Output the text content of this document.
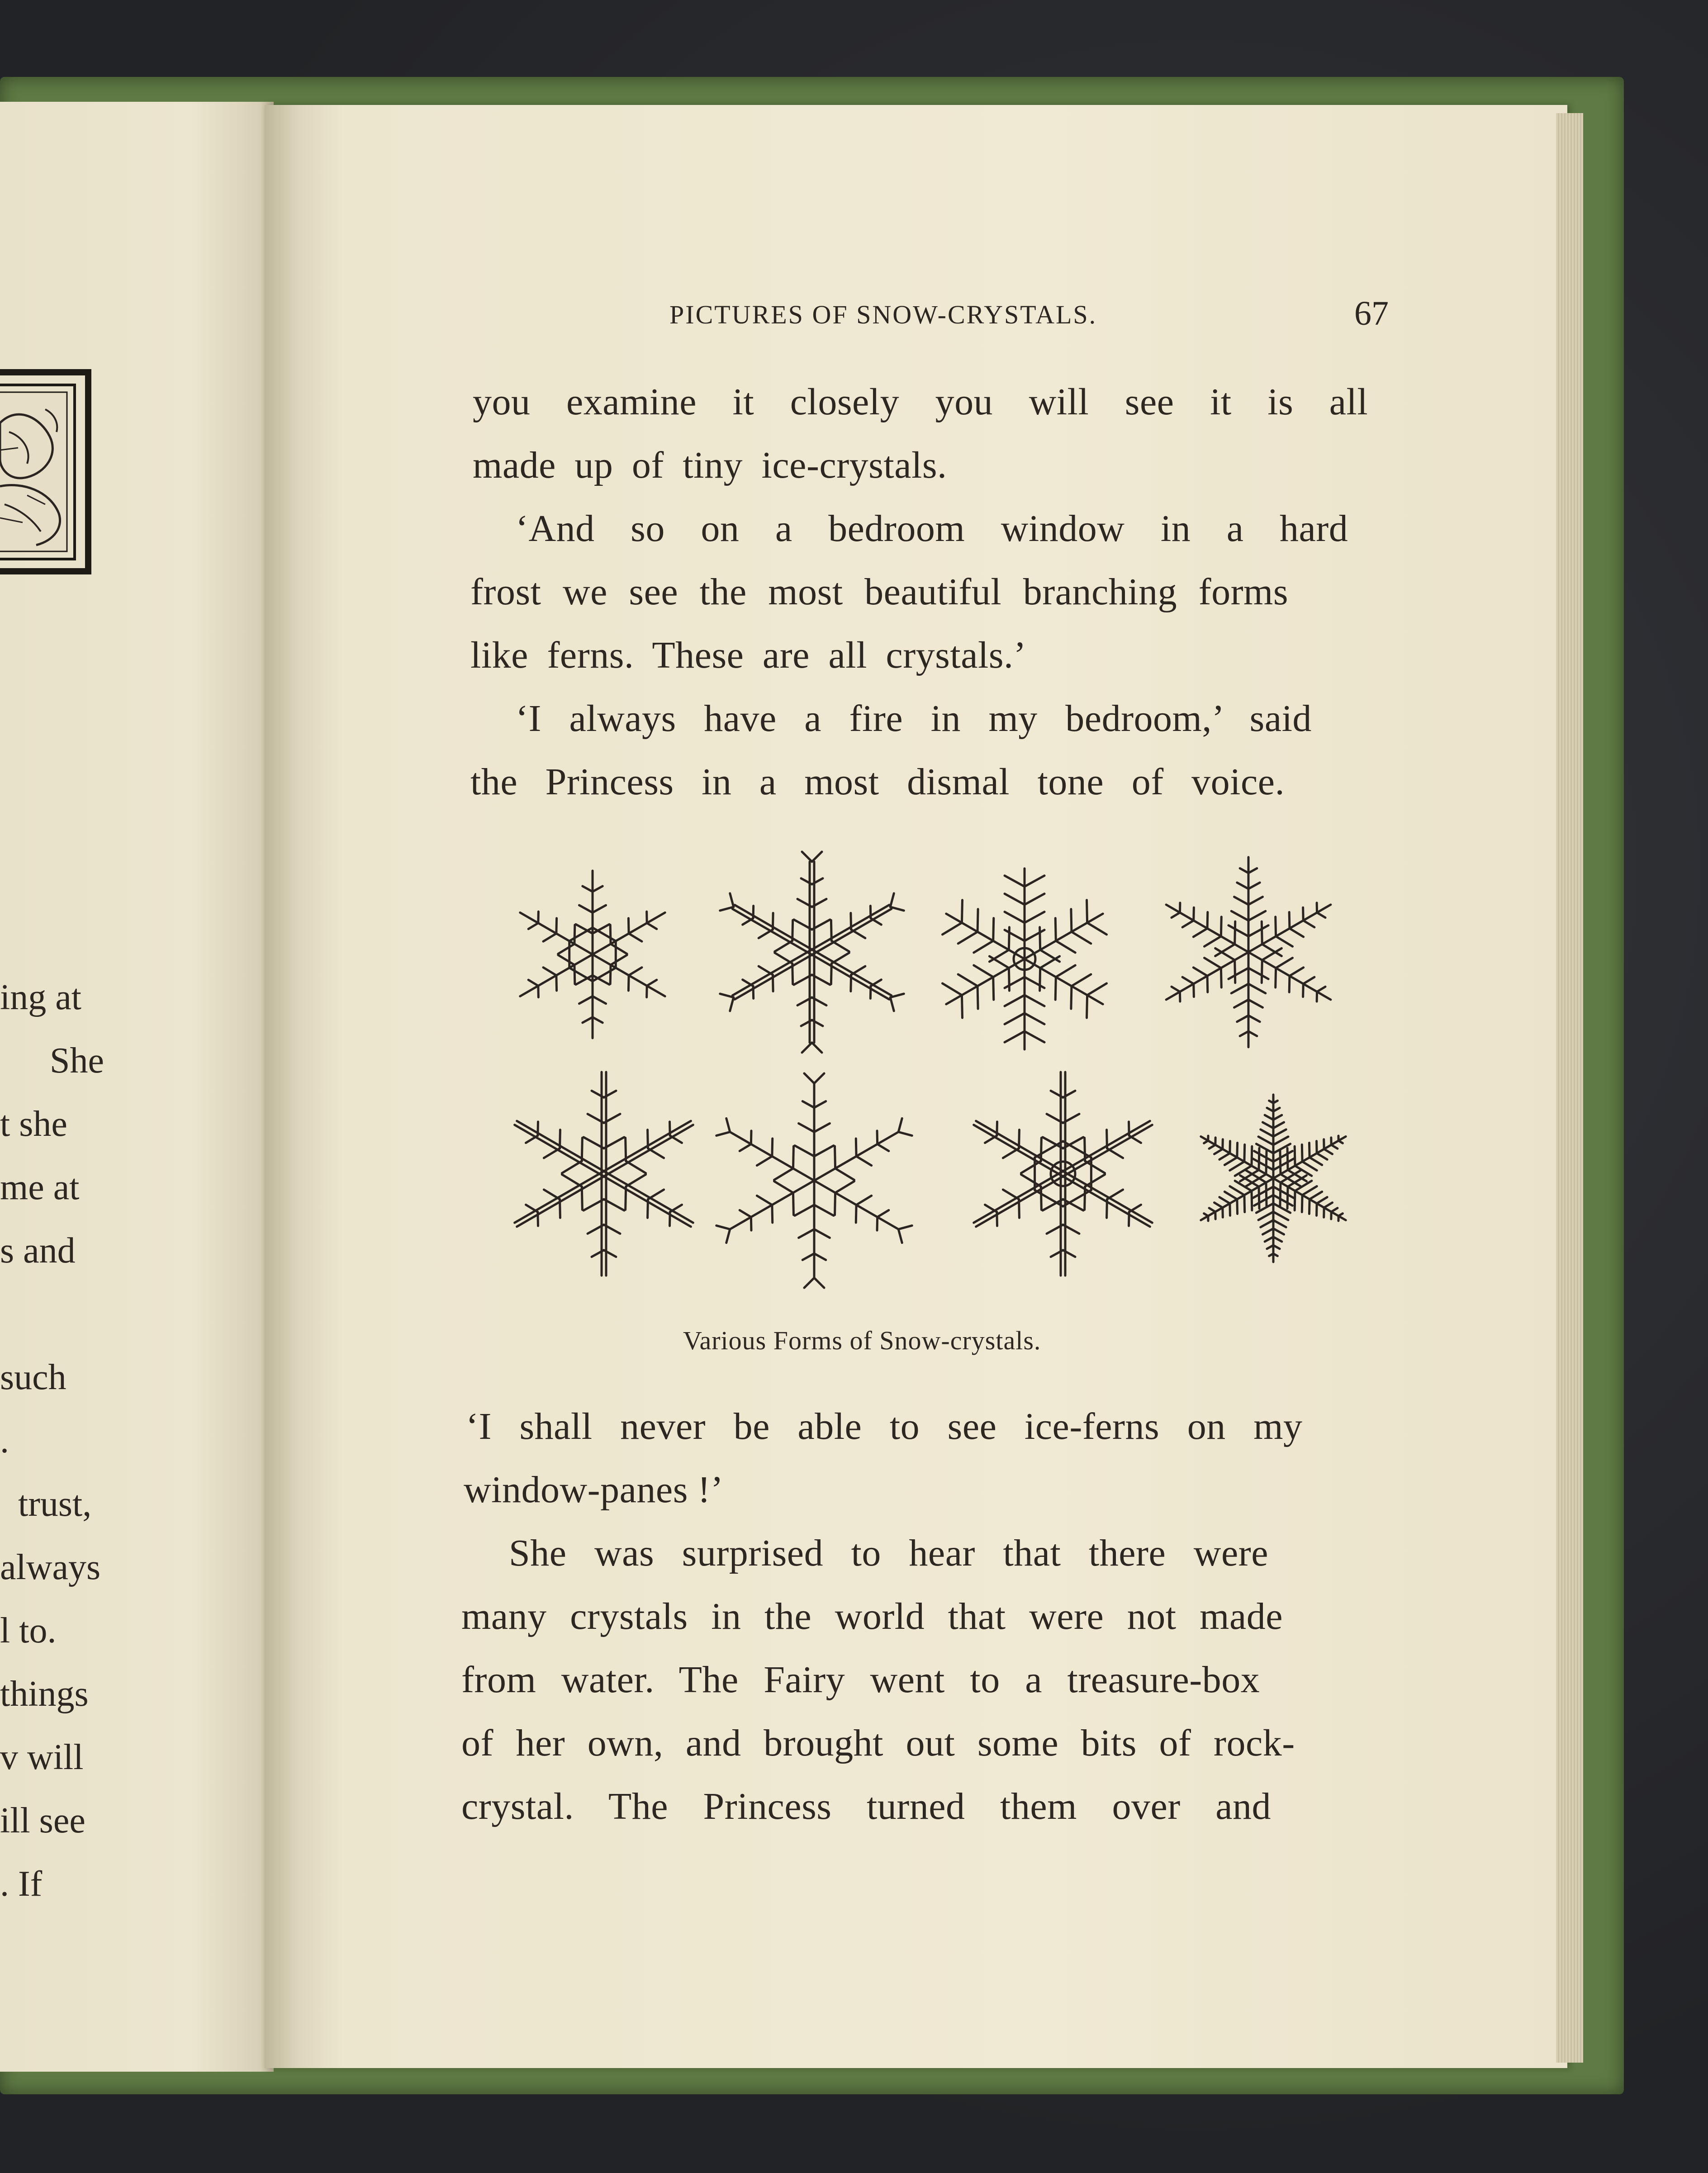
ing at
She
t she
me at
s and
such
.
trust,
always
l to.
things
v will
ill see
. If
PICTURES OF SNOW-CRYSTALS.	67
you examine it closely you will see it is all
made up of tiny ice-crystals.
‘And so on a bedroom window in a hard
frost we see the most beautiful branching forms
like ferns. These are all crystals.’
‘I always have a fire in my bedroom,’ said
the Princess in a most dismal tone of voice.
Various Forms of Snow-crystals.
‘I shall never be able to see ice-ferns on my
window-panes !’
She was surprised to hear that there were
many crystals in the world that were not made
from water. The Fairy went to a treasure-box
of her own, and brought out some bits of rock-
crystal. The Princess turned them over and
